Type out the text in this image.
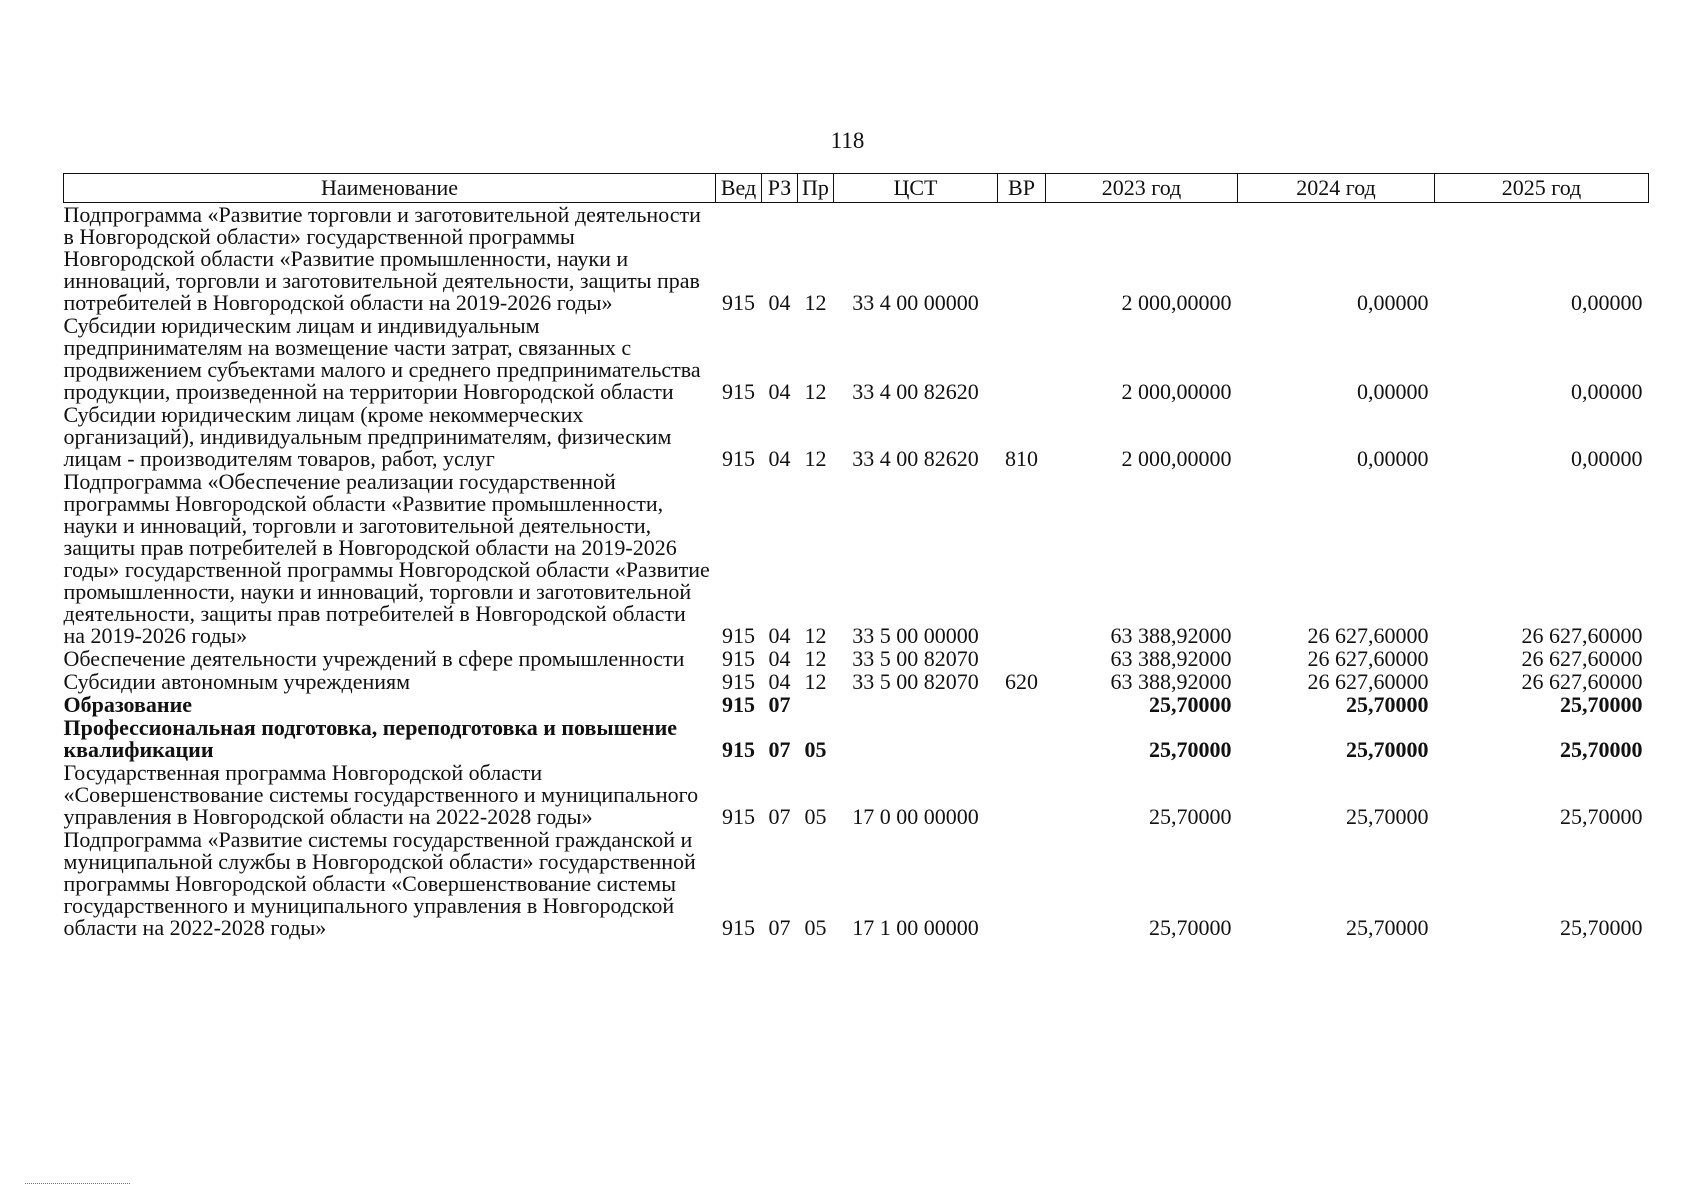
118
Наименование	Вед	РЗ	Пр	ЦСТ	ВР	2023 год	2024 год	2025 год
Подпрограмма «Развитие торговли и заготовительной деятельности в Новгородской области» государственной программы Новгородской области «Развитие промышленности, науки и инноваций, торговли и заготовительной деятельности, защиты прав потребителей в Новгородской области на 2019-2026 годы»	915	04	12	33 4 00 00000		2 000,00000	0,00000	0,00000
Субсидии юридическим лицам и индивидуальным предпринимателям на возмещение части затрат, связанных с продвижением субъектами малого и среднего предпринимательства продукции, произведенной на территории Новгородской области	915	04	12	33 4 00 82620		2 000,00000	0,00000	0,00000
Субсидии юридическим лицам (кроме некоммерческих организаций), индивидуальным предпринимателям, физическим лицам - производителям товаров, работ, услуг	915	04	12	33 4 00 82620	810	2 000,00000	0,00000	0,00000
Подпрограмма «Обеспечение реализации государственной программы Новгородской области «Развитие промышленности, науки и инноваций, торговли и заготовительной деятельности, защиты прав потребителей в Новгородской области на 2019-2026 годы» государственной программы Новгородской области «Развитие промышленности, науки и инноваций, торговли и заготовительной деятельности, защиты прав потребителей в Новгородской области на 2019-2026 годы»	915	04	12	33 5 00 00000		63 388,92000	26 627,60000	26 627,60000
Обеспечение деятельности учреждений в сфере промышленности	915	04	12	33 5 00 82070		63 388,92000	26 627,60000	26 627,60000
Субсидии автономным учреждениям	915	04	12	33 5 00 82070	620	63 388,92000	26 627,60000	26 627,60000
Образование	915	07				25,70000	25,70000	25,70000
Профессиональная подготовка, переподготовка и повышение квалификации	915	07	05			25,70000	25,70000	25,70000
Государственная программа Новгородской области «Совершенствование системы государственного и муниципального управления в Новгородской области на 2022-2028 годы»	915	07	05	17 0 00 00000		25,70000	25,70000	25,70000
Подпрограмма «Развитие системы государственной гражданской и муниципальной службы в Новгородской области» государственной программы Новгородской области «Совершенствование системы государственного и муниципального управления в Новгородской области на 2022-2028 годы»	915	07	05	17 1 00 00000		25,70000	25,70000	25,70000
